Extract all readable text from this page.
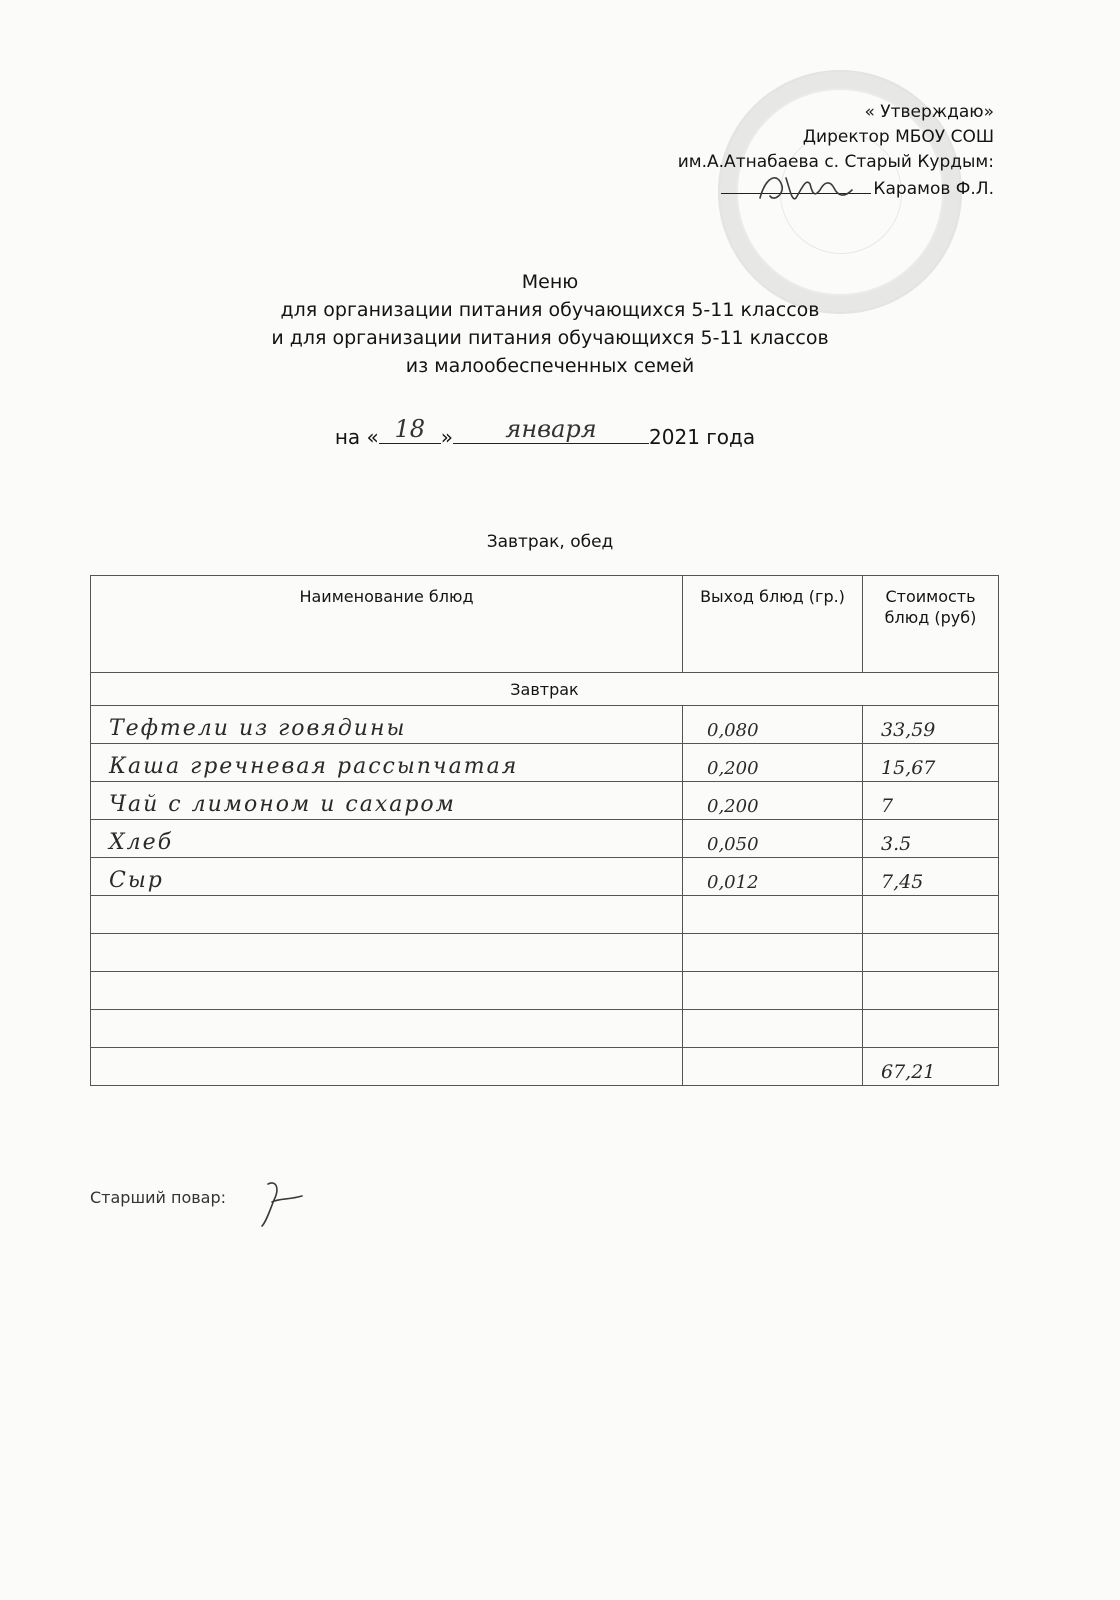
« Утверждаю»
Директор МБОУ СОШ
им.А.Атнабаева с. Старый Курдым:
Карамов Ф.Л.
Меню
для организации питания обучающихся 5-11 классов
и для организации питания обучающихся 5-11 классов
из малообеспеченных семей
на « 18 »	января	2021 года
Завтрак, обед
Наименование блюд	Выход блюд (гр.)	Стоимость блюд (руб)
Завтрак		
Тефтели из говядины	0,080	33,59
Каша гречневая рассыпчатая	0,200	15,67
Чай с лимоном и сахаром	0,200	7
Хлеб	0,050	3.5
Сыр	0,012	7,45

		67,21
Старший повар:
